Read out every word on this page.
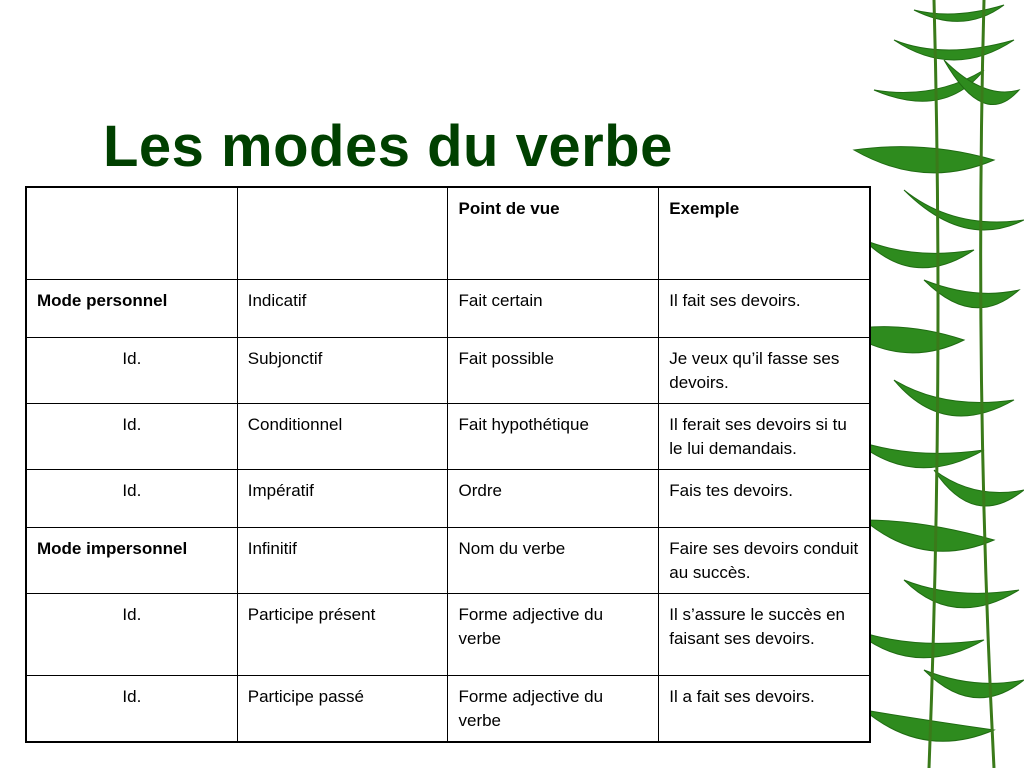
Les modes du verbe
		Point de vue	Exemple
Mode personnel	Indicatif	Fait certain	Il fait ses devoirs.
Id.	Subjonctif	Fait possible	Je veux qu’il fasse ses devoirs.
Id.	Conditionnel	Fait hypothétique	Il ferait ses devoirs si tu le lui demandais.
Id.	Impératif	Ordre	Fais tes devoirs.
Mode impersonnel	Infinitif	Nom du verbe	Faire ses devoirs conduit au succès.
Id.	Participe présent	Forme adjective du verbe	Il s’assure le succès en faisant ses devoirs.
Id.	Participe passé	Forme adjective du verbe	Il a fait ses devoirs.
